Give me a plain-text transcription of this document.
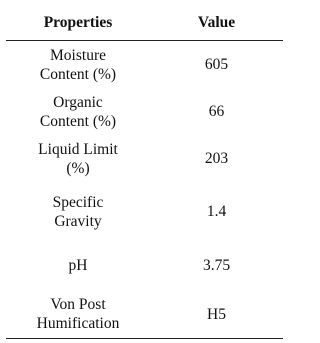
Properties	Value

Moisture
Content (%)	605

Organic
Content (%)	66

Liquid Limit
(%)	203

Specific
Gravity	1.4

pH	3.75

Von Post
Humification	H5
